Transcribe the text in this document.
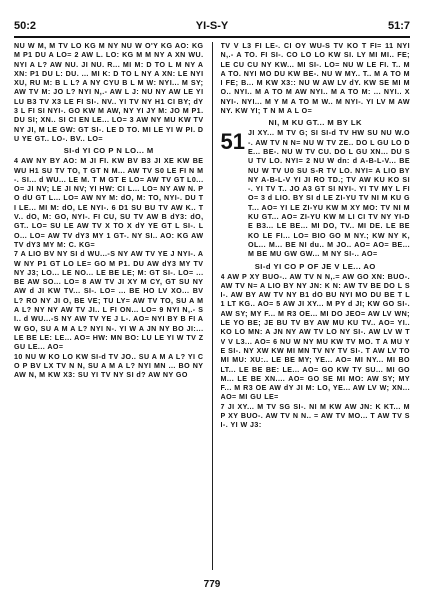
50:2	YI-S-Y	51:7

NU W M, M TV LO KG M NY NU W O'Y KG AO: KG M P1 DU A LO= 2 AW L. LO: KG M M NY A XN WU. NYI A L? AW NU. JI NU. R... MI M: D TO L M NY A XN: P1 DU L: DU. ... MI K: D TO L NY A XN: LE NYI XU, RU M: B L L? A NY CYU B L M W: NYI... M SY; AW TV M: JO L? NYI N,.- AW L J: NU NY AW LE YI LU B3 TV X3 LE FI SI-. NV.. YI TV NY H1 CI BY; dY3 L FI SI NYI-. GO KW M AW, NY YI JY M: JO M P1. DU SI; XN.. SI CI EN LE... LO= 3 AW NY MU KW TV NY JI, M LE GW: GT SI-. LE D TO. MI LE YI W PI. DU YE GT.. LO-. BV.. LO=

SI-d YI CO P N LO... M

4 AW NY BY AO: M JI FI. KW BV B3 JI XE KW BE WU H1 SU TV TO, T GT N M... AW TV S0 LE FI N M-. SI... d WU... LE M. T M GT E LO= AW TV GT L0...O= JI NV; LE JI NV; YI HW: CI L... LO= NY AW N. PO dU GT L... LO= AW NY M: dO, M: TO, NYI-. DU TI LE... MI M: dO, LE NYI-. 6 D1 SU BU TV AW K.. TV.. dO, M: GO, NYI-. FI CU, SU TV AW B dY3: dO, GT.. LO= SU LE AW TV X TO X dY YE GT L SI-. LO... LO= AW TV dY3 MY 1 GT-. NY SI.. AO: KG AW TV dY3 MY M: C. KG=

7 A LIO BV NY SI d WU...-S NY AW TV YE J NYI-. AW NY P1 GT LO LE= GO M P1. DU AW dY3 MY TV NY J3; LO... LE NO... LE BE LE; M: GT SI-. LO= ... BE AW SO... LO= 8 AW TV JI XY M CY, GT SU NY AW d JI KW TV... SI-. LO= ... BE HO LV XO... BV L? RO NY JI O, BE VE; TU LY= AW TV TO, SU A M A L? NY NY AW TV JI.. L FI ON... LO= 9 NYI N,.- SI.. d WU...-S NY AW TV YE J L-. AO= NYI BY B FI AW GO, SU A M A L? NYI N-. YI W A JN NY BO JI:... LE BE LE: LE... AO= HW: MN BO: LU LE YI W TV Z GU LE... AO=

10 NU W KO LO KW SI-d TV JO.. SU A M A L? YI CO P BV LX TV N N, SU A M A L? NYI MN ... BO NY AW N, M KW X3: SU YI TV NY SI d? AW NY GO

TV V L3 FI LE-. CI OY WU-S TV KO T FI= 11 NYI N,.- A TO. FI SI-. CO LO LO KW SI. LY MI MI.. FE; LE CU CU NY KW... MI SI-. LO= NU W LE FI. T.. M A TO. NYI MO DU KW BE-. NU W MY.. T.. M A TO MI FE; B... M KW X3:: NU W AW LV dY. KW SE MI MO.. NYI.. M A TO M AW NYI.. M A TO M: ... NYI.. X NYI-. NYI... M Y M A TO M W.. M NYI-. YI LV M AW NY. KW YI; T N M A L O=

NI, M KU GT... M BY LK
51 JI XY... M TV G; SI SI-d TV HW SU NU W.O-. AW TV N N= NU W TV ZE.. DO L GU LO DE... BE-. NU W TV CU. DO L GU XN... DU SU TV LO. NYI= 2 NU W dn: d A-B-L-V... BE NU W TV U0 SU S-R TV LO. NYI= A LIO BY NY A-B-L-V YI JI RO TD.; TV AW KU KO SI-. YI TV T.. JO A3 GT SI NYI-. YI TV MY L FIO= 3 d LIO. BY SI d LE ZI-YU TV NI M KU GT... AO= YI LE ZI-YU KW M XY MO: TV NI M KU GT... AO= ZI-YU KW M LI CI TV NY YI-DE B3... LE BE... MI DO, TV.. MI DE. LE BE KO LE FI... LO= BIO GO M NY.; KW NY K, OL... M... BE NI du.. M JO.. AO= AO= BE... M BE MU GW GW... M NY SI-.. AO=

SI-d YI CO P OF JE V LE... AO

4 AW P XY BUO-.. AW TV N N,.= AW GO XN: BUO-. AW TV N= A LIO BY NY JN: K N: AW TV BE DO L SI-. AW BY AW TV NY B1 dO BU NYI MO DU BE T L1 LT KG.. AO= 5 AW JI XY... M PY d JI; KW GO SI-. AW SY; MY F... M R3 OE... MI DO JEO= AW LV WN; LE YO BE; JE BU TV BY AW MU KU TV.. AO= YI.. KO LO MN: A JN NY AW TV LO NY SI-. AW LV W TV V L3... AO= 6 NU W NY MU KW TV MO. T A MU YE SI-. NY XW KW MI MN TV NY TV SI-. T AW LV TO MI MU: XU:.. LE BE MY; YE... AO= MI NY... MI BO LT... LE BE BE: LE... AO= GO KW TY SU... MI GO M... LE BE XN.... AO= GO SE MI MO: AW SY; MY F... M R3 OE AW dY JI M: LO, YE... AW LV W; XN... AO= MI GU LE=

7 JI XY... M TV SG SI-. NI M KW AW JN: K KT... M P XY BUO-. AW TV N N.. = AW TV MO... T AW TV SI-. YI W J3:

779
